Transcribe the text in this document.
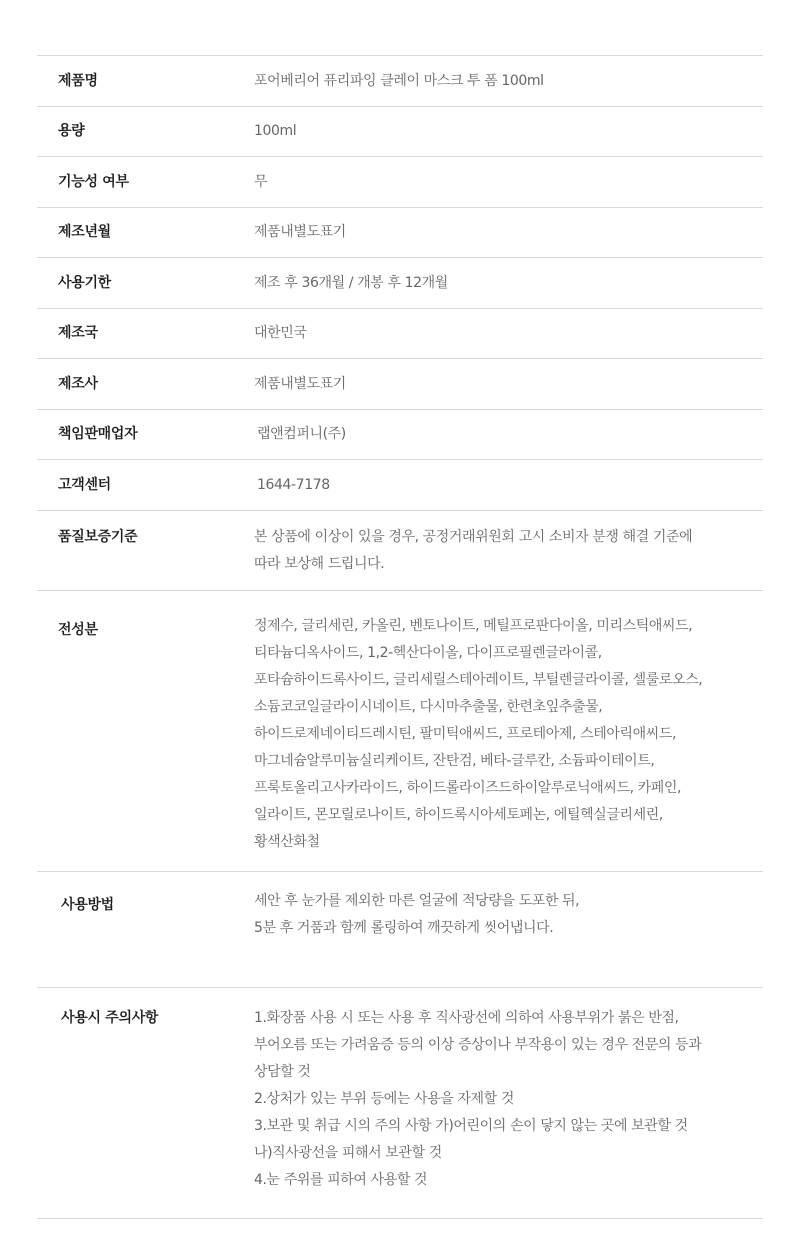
제품명	포어베리어 퓨리파잉 클레이 마스크 투 폼 100ml
용량	100ml
기능성 여부	무
제조년월	제품내별도표기
사용기한	제조 후 36개월 / 개봉 후 12개월
제조국	대한민국
제조사	제품내별도표기
책임판매업자	랩앤컴퍼니(주)
고객센터	1644-7178
품질보증기준	본 상품에 이상이 있을 경우, 공정거래위원회 고시 소비자 분쟁 해결 기준에
따라 보상해 드립니다.
전성분	정제수, 글리세린, 카올린, 벤토나이트, 메틸프로판다이올, 미리스틱애씨드,
티타늄디옥사이드, 1,2-헥산다이올, 다이프로필렌글라이콜,
포타슘하이드록사이드, 글리세릴스테아레이트, 부틸렌글라이콜, 셀룰로오스,
소듐코코일글라이시네이트, 다시마추출물, 한련초잎추출물,
하이드로제네이티드레시틴, 팔미틱애씨드, 프로테아제, 스테아릭애씨드,
마그네슘알루미늄실리케이트, 잔탄검, 베타-글루칸, 소듐파이테이트,
프룩토올리고사카라이드, 하이드롤라이즈드하이알루로닉애씨드, 카페인,
일라이트, 몬모릴로나이트, 하이드록시아세토페논, 에틸헥실글리세린,
황색산화철
사용방법	세안 후 눈가를 제외한 마른 얼굴에 적당량을 도포한 뒤,
5분 후 거품과 함께 롤링하여 깨끗하게 씻어냅니다.
사용시 주의사항	1.화장품 사용 시 또는 사용 후 직사광선에 의하여 사용부위가 붉은 반점,
부어오름 또는 가려움증 등의 이상 증상이나 부작용이 있는 경우 전문의 등과
상담할 것
2.상처가 있는 부위 등에는 사용을 자제할 것
3.보관 및 취급 시의 주의 사항 가)어린이의 손이 닿지 않는 곳에 보관할 것
나)직사광선을 피해서 보관할 것
4.눈 주위를 피하여 사용할 것
